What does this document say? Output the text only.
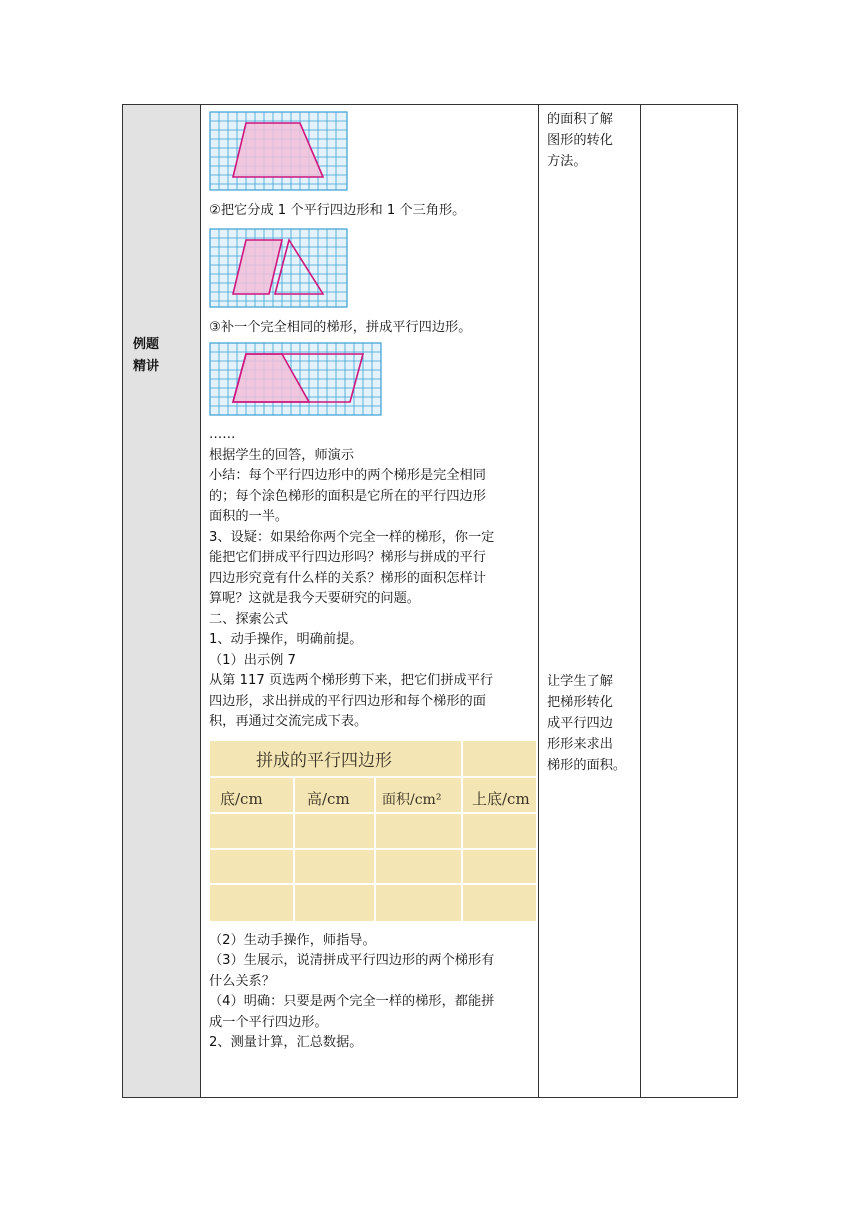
例题
精讲

②把它分成 1 个平行四边形和 1 个三角形。

③补一个完全相同的梯形，拼成平行四边形。

……

根据学生的回答，师演示

小结：每个平行四边形中的两个梯形是完全相同

的；每个涂色梯形的面积是它所在的平行四边形

面积的一半。

3、设疑：如果给你两个完全一样的梯形，你一定

能把它们拼成平行四边形吗？梯形与拼成的平行

四边形究竟有什么样的关系？梯形的面积怎样计

算呢？这就是我今天要研究的问题。

二、探索公式

1、动手操作，明确前提。

（1）出示例 7

从第 117 页选两个梯形剪下来，把它们拼成平行

四边形，求出拼成的平行四边形和每个梯形的面

积，再通过交流完成下表。

拼成的平行四边形
底/cm	高/cm 面积/cm² 上底/cm

（2）生动手操作，师指导。

（3）生展示，说清拼成平行四边形的两个梯形有

什么关系？

（4）明确：只要是两个完全一样的梯形，都能拼

成一个平行四边形。

2、测量计算，汇总数据。

的面积了解
图形的转化
方法。
让学生了解
把梯形转化
成平行四边
形形来求出
梯形的面积。
